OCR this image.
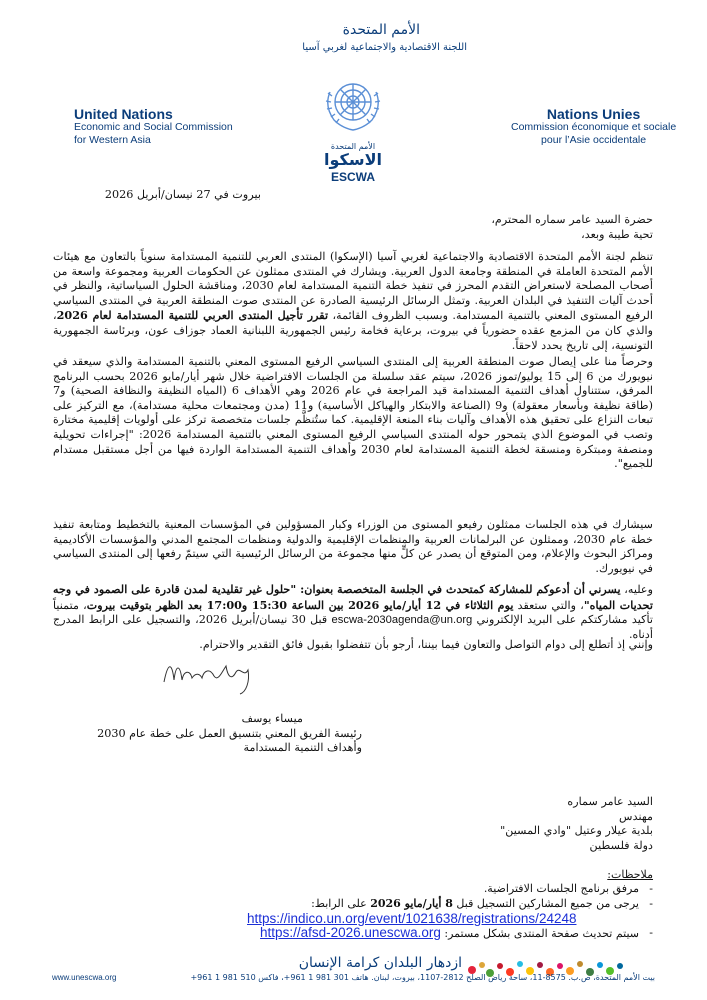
الأمم المتحدة
اللجنة الاقتصادية والاجتماعية لغربي آسيا
United Nations
Economic and Social Commission
for Western Asia
Nations Unies
Commission économique et sociale
pour l’Asie occidentale
الأمم المتحدة
الاسكوا
ESCWA
بيروت في 27 نيسان/أبريل 2026
حضرة السيد عامر سماره المحترم،
تحية طيبة وبعد،
تنظم لجنة الأمم المتحدة الاقتصادية والاجتماعية لغربي آسيا (الإسكوا) المنتدى العربي للتنمية المستدامة سنوياً بالتعاون مع هيئات الأمم المتحدة العاملة في المنطقة وجامعة الدول العربية. ويشارك في المنتدى ممثلون عن الحكومات العربية ومجموعة واسعة من أصحاب المصلحة لاستعراض التقدم المحرز في تنفيذ خطة التنمية المستدامة لعام 2030، ومناقشة الحلول السياساتية، والنظر في أحدث آليات التنفيذ في البلدان العربية. وتمثل الرسائل الرئيسية الصادرة عن المنتدى صوت المنطقة العربية في المنتدى السياسي الرفيع المستوى المعني بالتنمية المستدامة. وبسبب الظروف القائمة، تقرر تأجيل المنتدى العربي للتنمية المستدامة لعام 2026، والذي كان من المزمع عقده حضورياً في بيروت، برعاية فخامة رئيس الجمهورية اللبنانية العماد جوزاف عون، وبرئاسة الجمهورية التونسية، إلى تاريخ يحدد لاحقاً.
وحرصاً منا على إيصال صوت المنطقة العربية إلى المنتدى السياسي الرفيع المستوى المعني بالتنمية المستدامة والذي سيعقد في نيويورك من 6 إلى 15 يوليو/تموز 2026، سيتم عقد سلسلة من الجلسات الافتراضية خلال شهر أيار/مايو 2026 بحسب البرنامج المرفق، ستتناول أهداف التنمية المستدامة قيد المراجعة في عام 2026 وهي الأهداف 6 (المياه النظيفة والنظافة الصحية) و7 (طاقة نظيفة وبأسعار معقولة) و9 (الصناعة والابتكار والهياكل الأساسية) و11 (مدن ومجتمعات محلية مستدامة)، مع التركيز على تبعات النزاع على تحقيق هذه الأهداف وآليات بناء المنعة الإقليمية. كما ستُنظَّم جلسات متخصصة تركز على أولويات إقليمية مختارة وتصب في الموضوع الذي يتمحور حوله المنتدى السياسي الرفيع المستوى المعني بالتنمية المستدامة 2026: "إجراءات تحويلية ومنصفة ومبتكرة ومنسقة لخطة التنمية المستدامة لعام 2030 وأهداف التنمية المستدامة الواردة فيها من أجل مستقبل مستدام للجميع".
سيشارك في هذه الجلسات ممثلون رفيعو المستوى من الوزراء وكبار المسؤولين في المؤسسات المعنية بالتخطيط ومتابعة تنفيذ خطة عام 2030، وممثلون عن البرلمانات العربية والمنظمات الإقليمية والدولية ومنظمات المجتمع المدني والمؤسسات الأكاديمية ومراكز البحوث والإعلام، ومن المتوقع أن يصدر عن كلٍّ منها مجموعة من الرسائل الرئيسية التي سيتمّ رفعها إلى المنتدى السياسي في نيويورك.
وعليه، يسرني أن أدعوكم للمشاركة كمتحدث في الجلسة المتخصصة بعنوان: "حلول غير تقليدية لمدن قادرة على الصمود في وجه تحديات المياه"، والتي ستعقد يوم الثلاثاء في 12 أيار/مايو 2026 بين الساعة 15:30 و17:00 بعد الظهر بتوقيت بيروت، متمنياً تأكيد مشاركتكم على البريد الإلكتروني escwa-2030agenda@un.org قبل 30 نيسان/أبريل 2026، والتسجيل على الرابط المدرج أدناه.
وإنني إذ أتطلع إلى دوام التواصل والتعاون فيما بيننا، أرجو بأن تتفضلوا بقبول فائق التقدير والاحترام.
ميساء يوسف
رئيسة الفريق المعني بتنسيق العمل على خطة عام 2030
وأهداف التنمية المستدامة
السيد عامر سماره
مهندس
بلدية عيلار وعتيل "وادي المسين"
دولة فلسطين
ملاحظات:
- مرفق برنامج الجلسات الافتراضية.
- يرجى من جميع المشاركين التسجيل قبل 8 أيار/مايو 2026 على الرابط:
https://indico.un.org/event/1021638/registrations/24248
- سيتم تحديث صفحة المنتدى بشكل مستمر: https://afsd-2026.unescwa.org
ازدهار البلدان كرامة الإنسان
www.unescwa.org	بيت الأمم المتحدة، ص.ب. 8575-11، ساحة رياض الصلح 2812-1107، بيروت، لبنان. هاتف 301 981 1 961+، فاكس 510 981 1 961+
